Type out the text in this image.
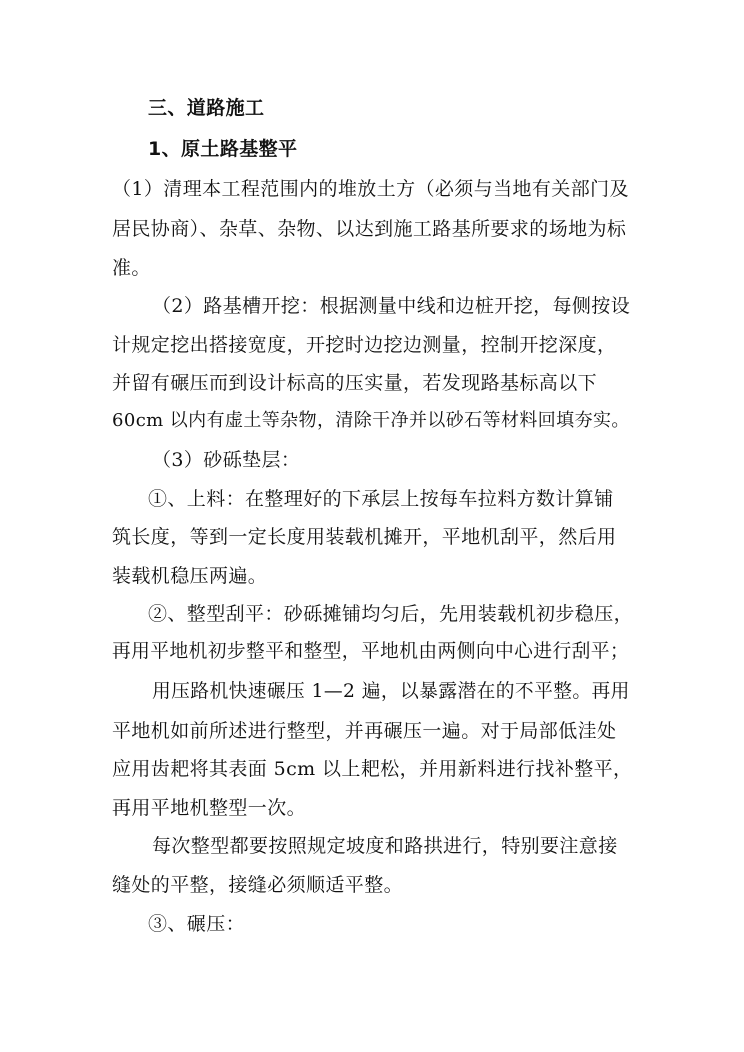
三、道路施工
1、原土路基整平
（1）清理本工程范围内的堆放土方（必须与当地有关部门及
居民协商）、杂草、杂物、以达到施工路基所要求的场地为标
准。
（2）路基槽开挖：根据测量中线和边桩开挖，每侧按设
计规定挖出搭接宽度，开挖时边挖边测量，控制开挖深度，
并留有碾压而到设计标高的压实量，若发现路基标高以下
60cm 以内有虚土等杂物，清除干净并以砂石等材料回填夯实。
（3）砂砾垫层：
①、上料：在整理好的下承层上按每车拉料方数计算铺
筑长度，等到一定长度用装载机摊开，平地机刮平，然后用
装载机稳压两遍。
②、整型刮平：砂砾摊铺均匀后，先用装载机初步稳压，
再用平地机初步整平和整型，平地机由两侧向中心进行刮平；
用压路机快速碾压 1—2 遍，以暴露潜在的不平整。再用
平地机如前所述进行整型，并再碾压一遍。对于局部低洼处
应用齿耙将其表面 5cm 以上耙松，并用新料进行找补整平，
再用平地机整型一次。
每次整型都要按照规定坡度和路拱进行，特别要注意接
缝处的平整，接缝必须顺适平整。
③、碾压：
